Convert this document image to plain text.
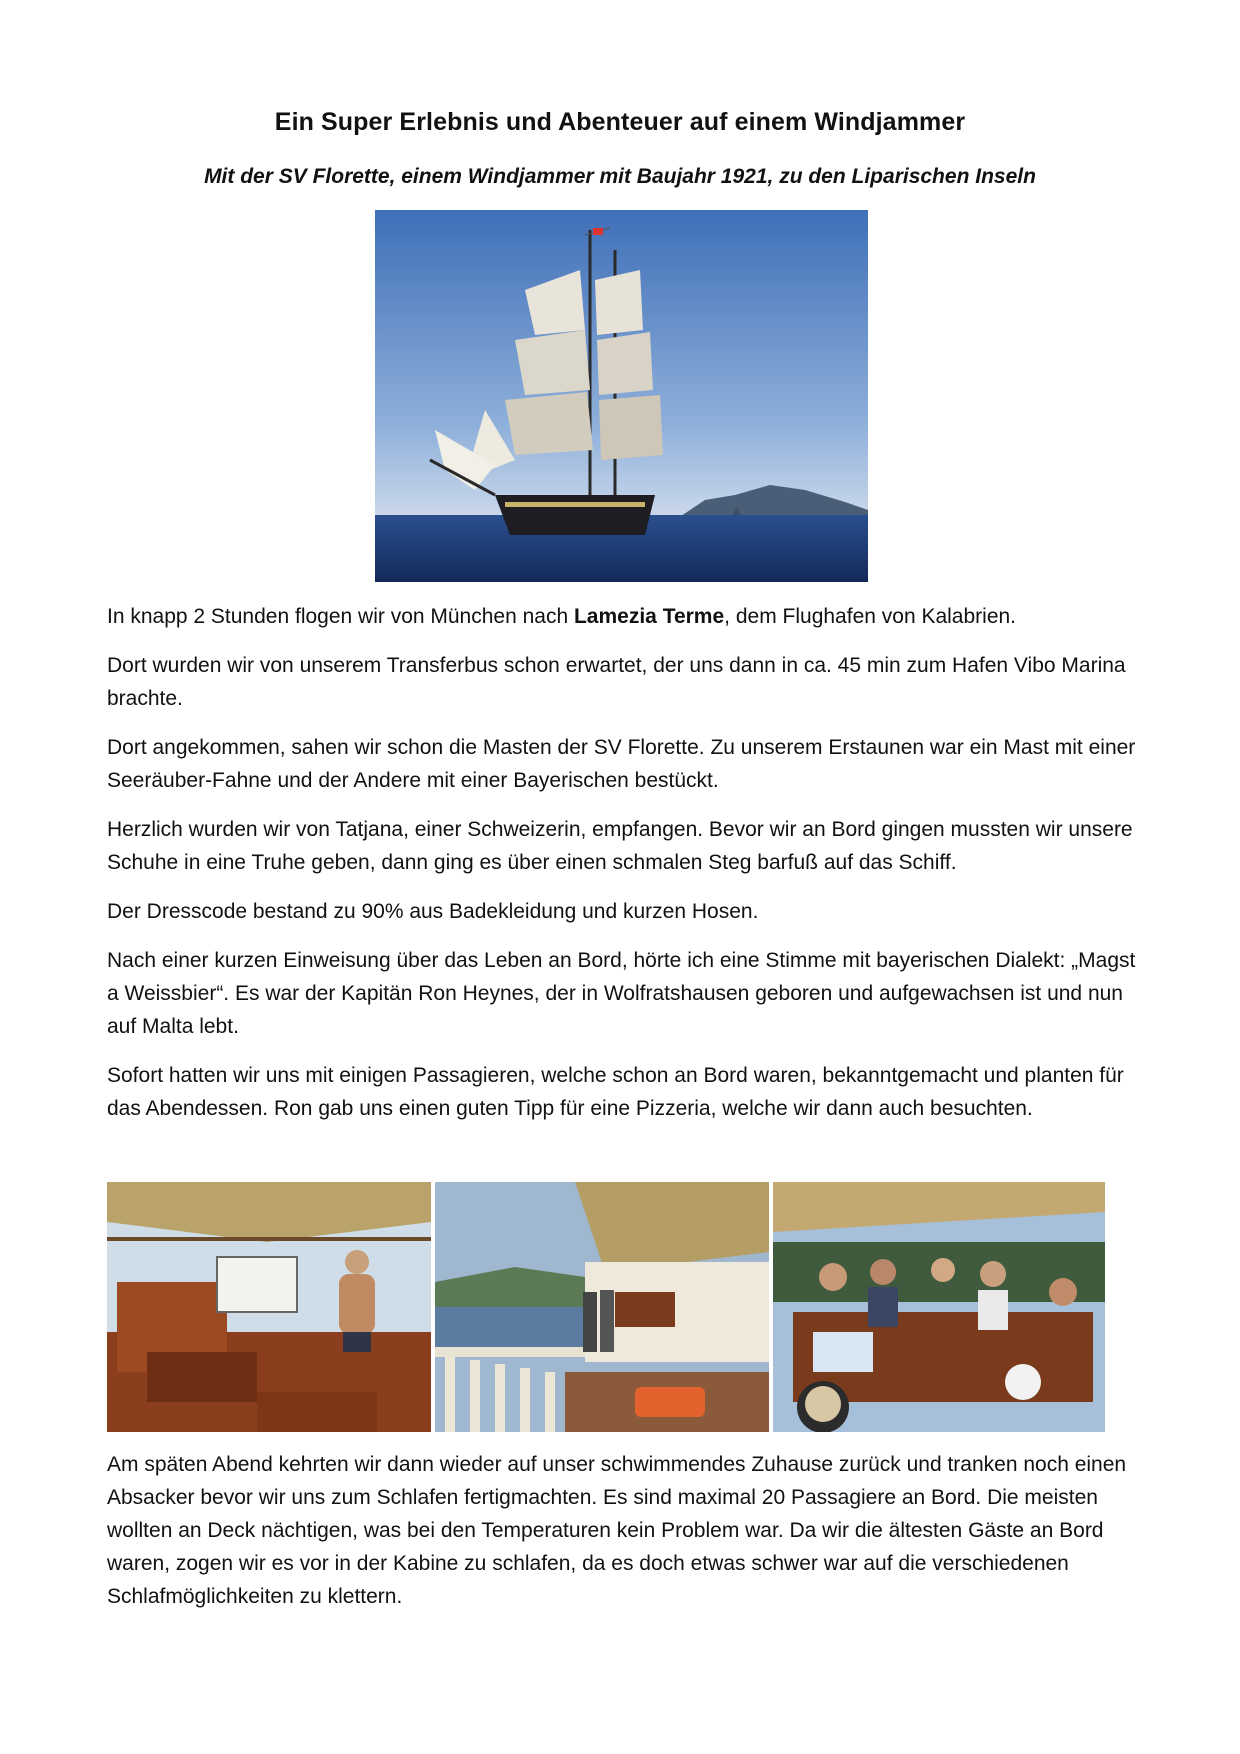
Ein Super Erlebnis und Abenteuer auf einem Windjammer
Mit der SV Florette, einem Windjammer mit Baujahr 1921, zu den Liparischen Inseln

In knapp 2 Stunden flogen wir von München nach Lamezia Terme, dem Flughafen von Kalabrien.

Dort wurden wir von unserem Transferbus schon erwartet, der uns dann in ca. 45 min zum Hafen Vibo Marina brachte.

Dort angekommen, sahen wir schon die Masten der SV Florette. Zu unserem Erstaunen war ein Mast mit einer Seeräuber-Fahne und der Andere mit einer Bayerischen bestückt.

Herzlich wurden wir von Tatjana, einer Schweizerin, empfangen. Bevor wir an Bord gingen mussten wir unsere Schuhe in eine Truhe geben, dann ging es über einen schmalen Steg barfuß auf das Schiff.

Der Dresscode bestand zu 90% aus Badekleidung und kurzen Hosen.

Nach einer kurzen Einweisung über das Leben an Bord, hörte ich eine Stimme mit bayerischen Dialekt: „Magst a Weissbier“. Es war der Kapitän Ron Heynes, der in Wolfratshausen geboren und aufgewachsen ist und nun auf Malta lebt.

Sofort hatten wir uns mit einigen Passagieren, welche schon an Bord waren, bekanntgemacht und planten für das Abendessen. Ron gab uns einen guten Tipp für eine Pizzeria, welche wir dann auch besuchten.

Am späten Abend kehrten wir dann wieder auf unser schwimmendes Zuhause zurück und tranken noch einen Absacker bevor wir uns zum Schlafen fertigmachten. Es sind maximal 20 Passagiere an Bord. Die meisten wollten an Deck nächtigen, was bei den Temperaturen kein Problem war. Da wir die ältesten Gäste an Bord waren, zogen wir es vor in der Kabine zu schlafen, da es doch etwas schwer war auf die verschiedenen Schlafmöglichkeiten zu klettern.
